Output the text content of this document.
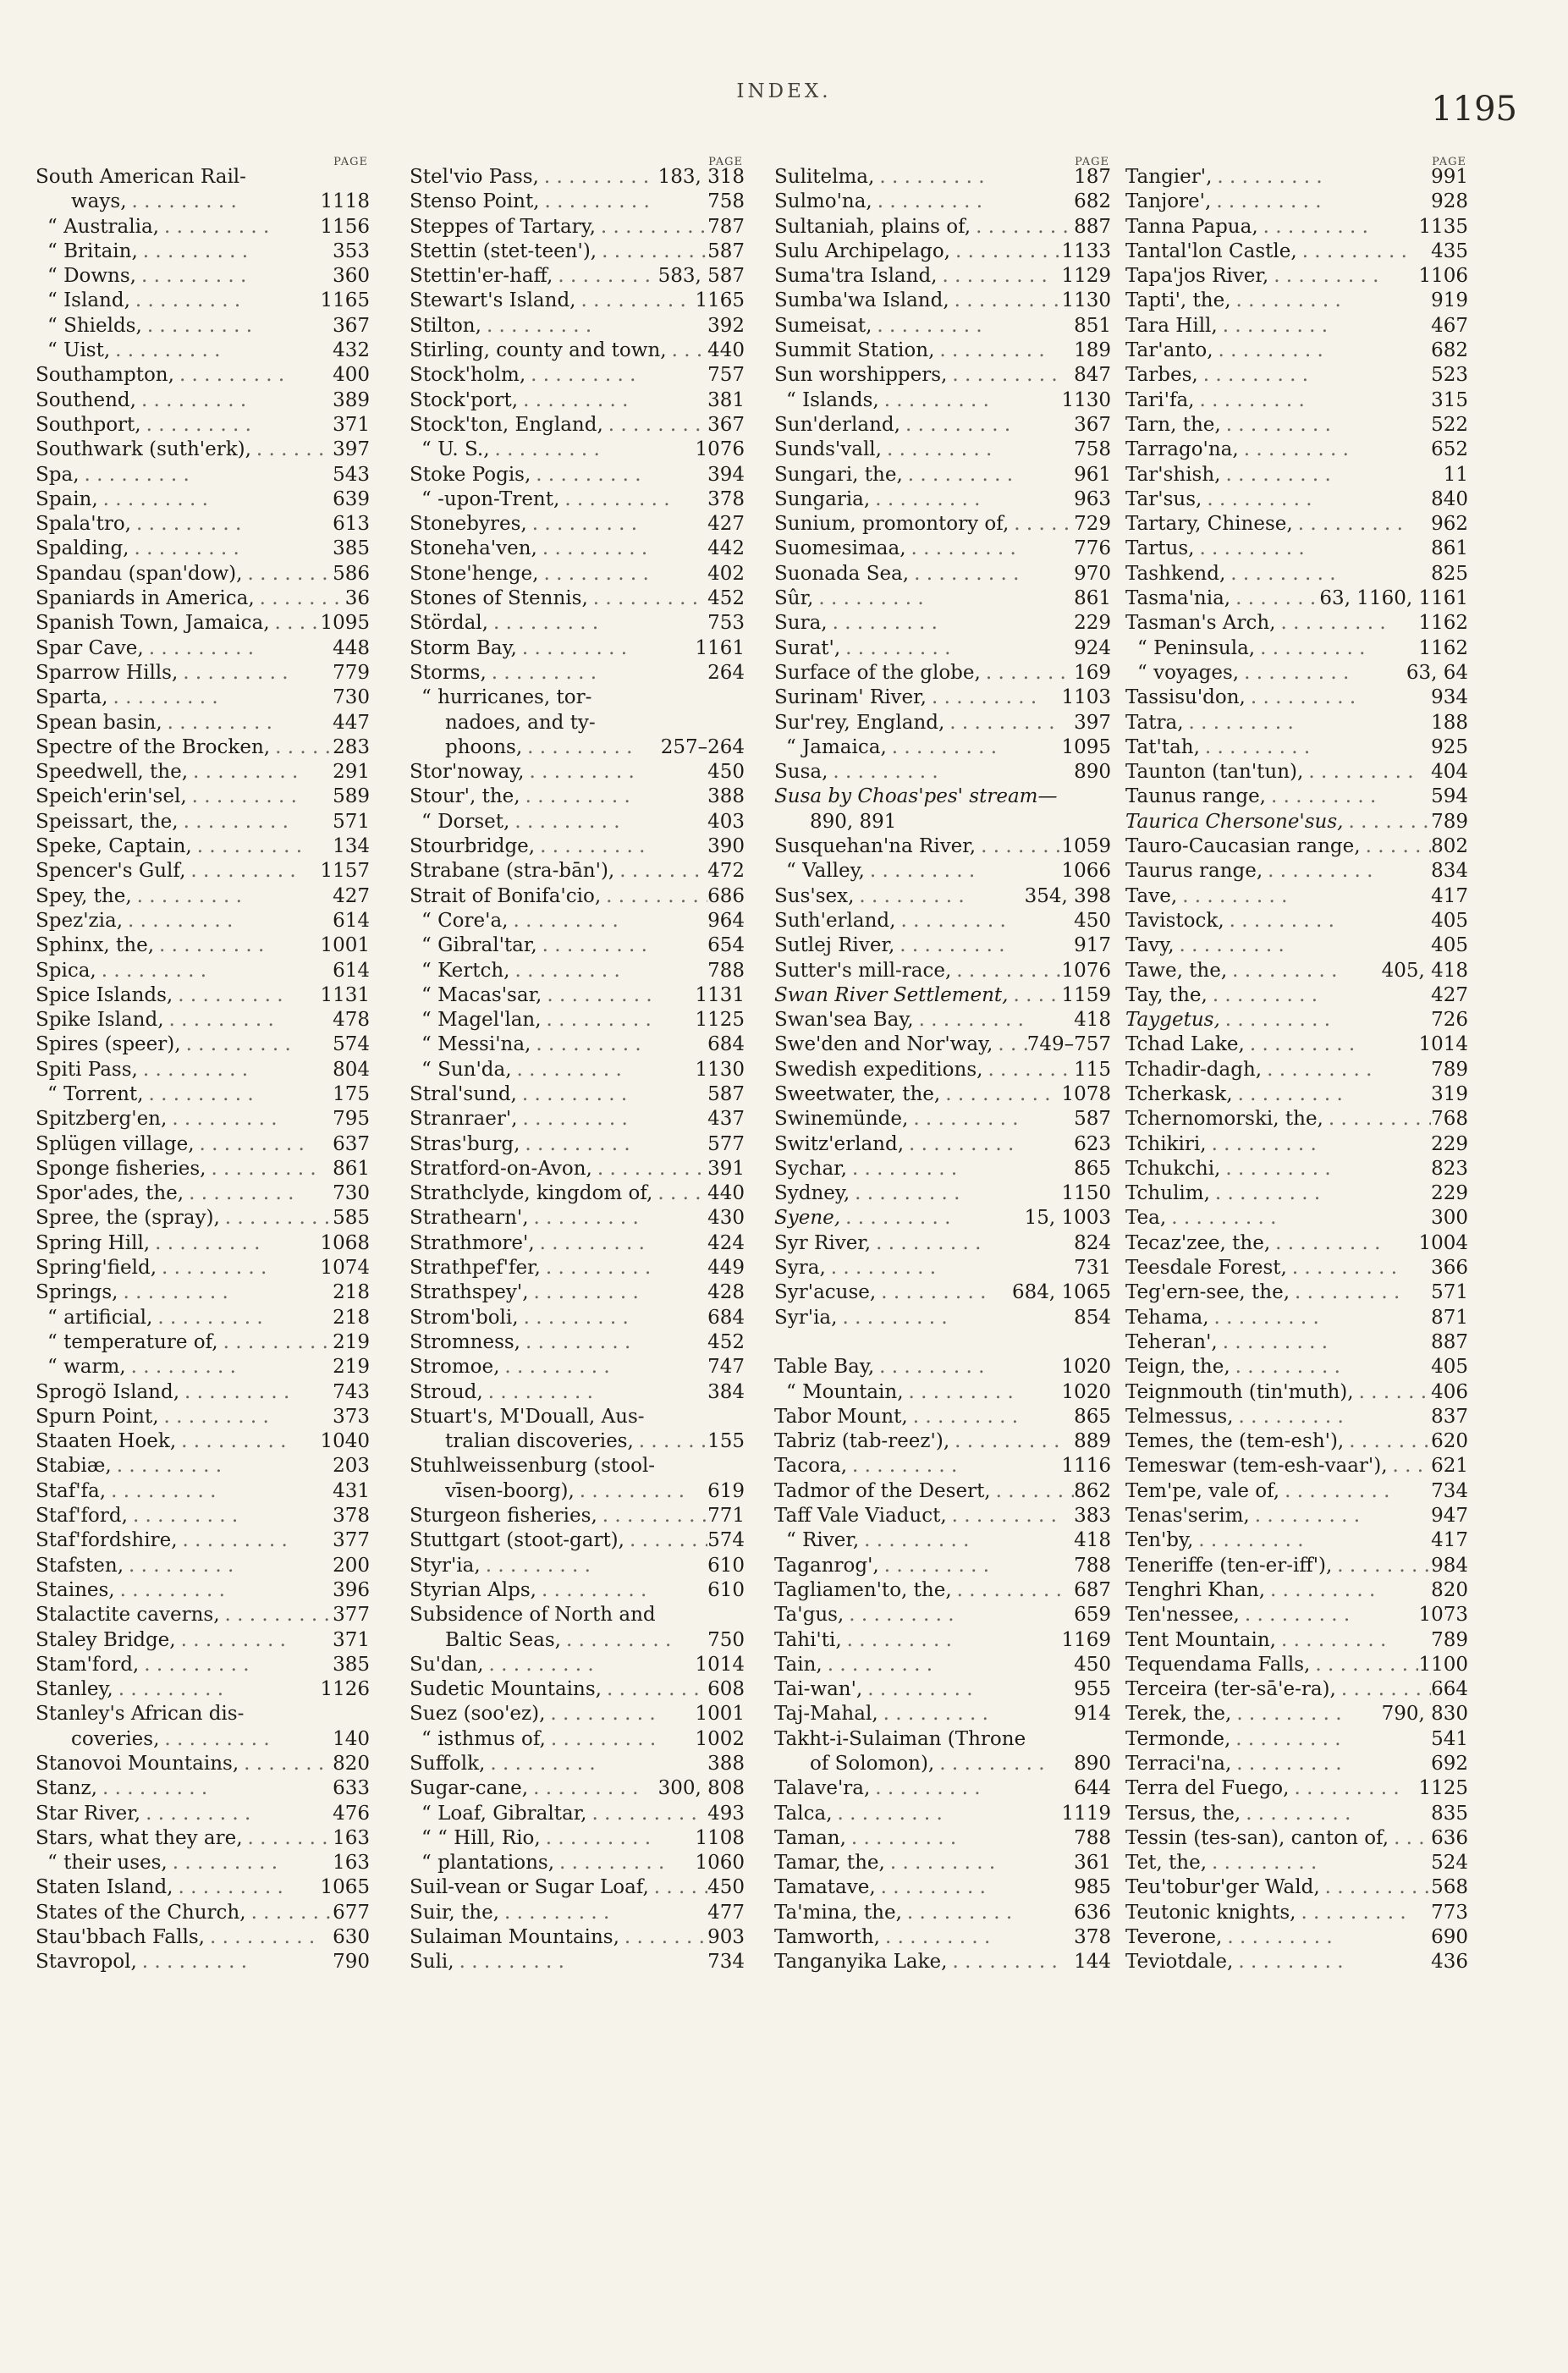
INDEX.	1195
PAGE
South American Rail-
ways, . .	1118
“ Australia, . .	1156
“ Britain, . .	353
“ Downs, . .	360
“ Island, . .	1165
“ Shields, . .	367
“ Uist, . .	432
Southampton, . .	400
Southend, . .	389
Southport, . .	371
Southwark (suth'erk), . .	397
Spa, . .	543
Spain, . .	639
Spala'tro, . .	613
Spalding, . .	385
Spandau (span'dow), . .	586
Spaniards in America, . .	36
Spanish Town, Jamaica, . .	1095
Spar Cave, . .	448
Sparrow Hills, . .	779
Sparta, . .	730
Spean basin, . .	447
Spectre of the Brocken, . .	283
Speedwell, the, . .	291
Speich'erin'sel, . .	589
Speissart, the, . .	571
Speke, Captain, . .	134
Spencer's Gulf, . .	1157
Spey, the, . .	427
Spez'zia, . .	614
Sphinx, the, . .	1001
Spica, . .	614
Spice Islands, . .	1131
Spike Island, . .	478
Spires (speer), . .	574
Spiti Pass, . .	804
“ Torrent, . .	175
Spitzberg'en, . .	795
Splügen village, . .	637
Sponge fisheries, . .	861
Spor'ades, the, . .	730
Spree, the (spray), . .	585
Spring Hill, . .	1068
Spring'field, . .	1074
Springs, . .	218
“ artificial, . .	218
“ temperature of, . .	219
“ warm, . .	219
Sprogö Island, . .	743
Spurn Point, . .	373
Staaten Hoek, . .	1040
Stabiæ, . .	203
Staf'fa, . .	431
Staf'ford, . .	378
Staf'fordshire, . .	377
Stafsten, . .	200
Staines, . .	396
Stalactite caverns, . .	377
Staley Bridge, . .	371
Stam'ford, . .	385
Stanley, . .	1126
Stanley's African dis-
coveries, . .	140
Stanovoi Mountains, . .	820
Stanz, . .	633
Star River, . .	476
Stars, what they are, . .	163
“ their uses, . .	163
Staten Island, . .	1065
States of the Church, . .	677
Stau'bbach Falls, . .	630
Stavropol, . .	790
PAGE
Stel'vio Pass, . .	183, 318
Stenso Point, . .	758
Steppes of Tartary, . .	787
Stettin (stet-teen'), . .	587
Stettin'er-haff, . .	583, 587
Stewart's Island, . .	1165
Stilton, . .	392
Stirling, county and town, . . 440
Stock'holm, . .	757
Stock'port, . .	381
Stock'ton, England, . .	367
“ U. S., . .	1076
Stoke Pogis, . .	394
“ -upon-Trent, . .	378
Stonebyres, . .	427
Stoneha'ven, . .	442
Stone'henge, . .	402
Stones of Stennis, . .	452
Stördal, . .	753
Storm Bay, . .	1161
Storms, . .	264
“ hurricanes, tor-
nadoes, and ty-
phoons, . .	257–264
Stor'noway, . .	450
Stour', the, . .	388
“ Dorset, . .	403
Stourbridge, . .	390
Strabane (stra-bān'), . .	472
Strait of Bonifa'cio, . .	686
“ Core'a, . .	964
“ Gibral'tar, . .	654
“ Kertch, . .	788
“ Macas'sar, . .	1131
“ Magel'lan, . .	1125
“ Messi'na, . .	684
“ Sun'da, . .	1130
Stral'sund, . .	587
Stranraer', . .	437
Stras'burg, . .	577
Stratford-on-Avon, . .	391
Strathclyde, kingdom of, . .	440
Strathearn', . .	430
Strathmore', . .	424
Strathpef'fer, . .	449
Strathspey', . .	428
Strom'boli, . .	684
Stromness, . .	452
Stromoe, . .	747
Stroud, . .	384
Stuart's, M'Douall, Aus-
tralian discoveries, . .	155
Stuhlweissenburg (stool-
vīsen-boorg), . .	619
Sturgeon fisheries, . .	771
Stuttgart (stoot-gart), . .	574
Styr'ia, . .	610
Styrian Alps, . .	610
Subsidence of North and
Baltic Seas, . .	750
Su'dan, . .	1014
Sudetic Mountains, . .	608
Suez (soo'ez), . .	1001
“ isthmus of, . .	1002
Suffolk, . .	388
Sugar-cane, . .	300, 808
“ Loaf, Gibraltar, . .	493
“ “ Hill, Rio, . .	1108
“ plantations, . .	1060
Suil-vean or Sugar Loaf, . .	450
Suir, the, . .	477
Sulaiman Mountains, . .	903
Suli, . .	734
PAGE
Sulitelma, . .	187
Sulmo'na, . .	682
Sultaniah, plains of, . .	887
Sulu Archipelago, . .	1133
Suma'tra Island, . .	1129
Sumba'wa Island, . .	1130
Sumeisat, . .	851
Summit Station, . .	189
Sun worshippers, . .	847
“ Islands, . .	1130
Sun'derland, . .	367
Sunds'vall, . .	758
Sungari, the, . .	961
Sungaria, . .	963
Sunium, promontory of, . .	729
Suomesimaa, . .	776
Suonada Sea, . .	970
Sûr, . .	861
Sura, . .	229
Surat', . .	924
Surface of the globe, . .	169
Surinam' River, . .	1103
Sur'rey, England, . .	397
“ Jamaica, . .	1095
Susa, . .	890
Susa by Choas'pes' stream—
890, 891
Susquehan'na River, . .	1059
“ Valley, . .	1066
Sus'sex, . .	354, 398
Suth'erland, . .	450
Sutlej River, . .	917
Sutter's mill-race, . .	1076
Swan River Settlement, . .	1159
Swan'sea Bay, . .	418
Swe'den and Nor'way, . . 749–757
Swedish expeditions, . .	115
Sweetwater, the, . .	1078
Swinemünde, . .	587
Switz'erland, . .	623
Sychar, . .	865
Sydney, . .	1150
Syene, . .	15, 1003
Syr River, . .	824
Syra, . .	731
Syr'acuse, . .	684, 1065
Syr'ia, . .	854
Table Bay, . .	1020
“ Mountain, . .	1020
Tabor Mount, . .	865
Tabriz (tab-reez'), . .	889
Tacora, . .	1116
Tadmor of the Desert, . .	862
Taff Vale Viaduct, . .	383
“ River, . .	418
Taganrog', . .	788
Tagliamen'to, the, . .	687
Ta'gus, . .	659
Tahi'ti, . .	1169
Tain, . .	450
Tai-wan', . .	955
Taj-Mahal, . .	914
Takht-i-Sulaiman (Throne
of Solomon), . .	890
Talave'ra, . .	644
Talca, . .	1119
Taman, . .	788
Tamar, the, . .	361
Tamatave, . .	985
Ta'mina, the, . .	636
Tamworth, . .	378
Tanganyika Lake, . .	144
PAGE
Tangier', . .	991
Tanjore', . .	928
Tanna Papua, . .	1135
Tantal'lon Castle, . .	435
Tapa'jos River, . .	1106
Tapti', the, . .	919
Tara Hill, . .	467
Tar'anto, . .	682
Tarbes, . .	523
Tari'fa, . .	315
Tarn, the, . .	522
Tarrago'na, . .	652
Tar'shish, . .	11
Tar'sus, . .	840
Tartary, Chinese, . .	962
Tartus, . .	861
Tashkend, . .	825
Tasma'nia, . .	63, 1160, 1161
Tasman's Arch, . .	1162
“ Peninsula, . .	1162
“ voyages, . .	63, 64
Tassisu'don, . .	934
Tatra, . .	188
Tat'tah, . .	925
Taunton (tan'tun), . .	404
Taunus range, . .	594
Taurica Chersone'sus, . .	789
Tauro-Caucasian range, . .	802
Taurus range, . .	834
Tave, . .	417
Tavistock, . .	405
Tavy, . .	405
Tawe, the, . .	405, 418
Tay, the, . .	427
Taygetus, . .	726
Tchad Lake, . .	1014
Tchadir-dagh, . .	789
Tcherkask, . .	319
Tchernomorski, the, . .	768
Tchikiri, . .	229
Tchukchi, . .	823
Tchulim, . .	229
Tea, . .	300
Tecaz'zee, the, . .	1004
Teesdale Forest, . .	366
Teg'ern-see, the, . .	571
Tehama, . .	871
Teheran', . .	887
Teign, the, . .	405
Teignmouth (tin'muth), . .	406
Telmessus, . .	837
Temes, the (tem-esh'), . .	620
Temeswar (tem-esh-vaar'), . . 621
Tem'pe, vale of, . .	734
Tenas'serim, . .	947
Ten'by, . .	417
Teneriffe (ten-er-iff'), . .	984
Tenghri Khan, . .	820
Ten'nessee, . .	1073
Tent Mountain, . .	789
Tequendama Falls, . .	1100
Terceira (ter-sā'e-ra), . .	664
Terek, the, . .	790, 830
Termonde, . .	541
Terraci'na, . .	692
Terra del Fuego, . .	1125
Tersus, the, . .	835
Tessin (tes-san), canton of, . . 636
Tet, the, . .	524
Teu'tobur'ger Wald, . .	568
Teutonic knights, . .	773
Teverone, . .	690
Teviotdale, . .	436
